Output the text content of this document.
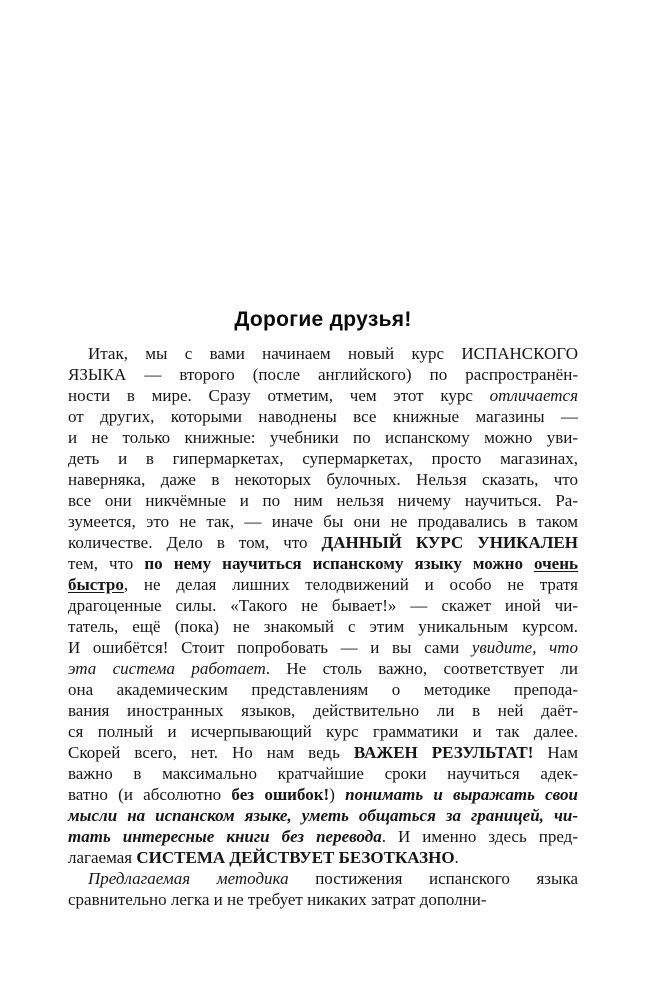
Дорогие друзья!
Итак, мы с вами начинаем новый курс ИСПАНСКОГО
ЯЗЫКА — второго (после английского) по распространён-
ности в мире. Сразу отметим, чем этот курс отличается
от других, которыми наводнены все книжные магазины —
и не только книжные: учебники по испанскому можно уви-
деть и в гипермаркетах, супермаркетах, просто магазинах,
наверняка, даже в некоторых булочных. Нельзя сказать, что
все они никчёмные и по ним нельзя ничему научиться. Ра-
зумеется, это не так, — иначе бы они не продавались в таком
количестве. Дело в том, что ДАННЫЙ КУРС УНИКАЛЕН
тем, что по нему научиться испанскому языку можно очень
быстро, не делая лишних телодвижений и особо не тратя
драгоценные силы. «Такого не бывает!» — скажет иной чи-
татель, ещё (пока) не знакомый с этим уникальным курсом.
И ошибётся! Стоит попробовать — и вы сами увидите, что
эта система работает. Не столь важно, соответствует ли
она академическим представлениям о методике препода-
вания иностранных языков, действительно ли в ней даёт-
ся полный и исчерпывающий курс грамматики и так далее.
Скорей всего, нет. Но нам ведь ВАЖЕН РЕЗУЛЬТАТ! Нам
важно в максимально кратчайшие сроки научиться адек-
ватно (и абсолютно без ошибок!) понимать и выражать свои
мысли на испанском языке, уметь общаться за границей, чи-
тать интересные книги без перевода. И именно здесь пред-
лагаемая СИСТЕМА ДЕЙСТВУЕТ БЕЗОТКАЗНО.
Предлагаемая методика постижения испанского языка
сравнительно легка и не требует никаких затрат дополни-
